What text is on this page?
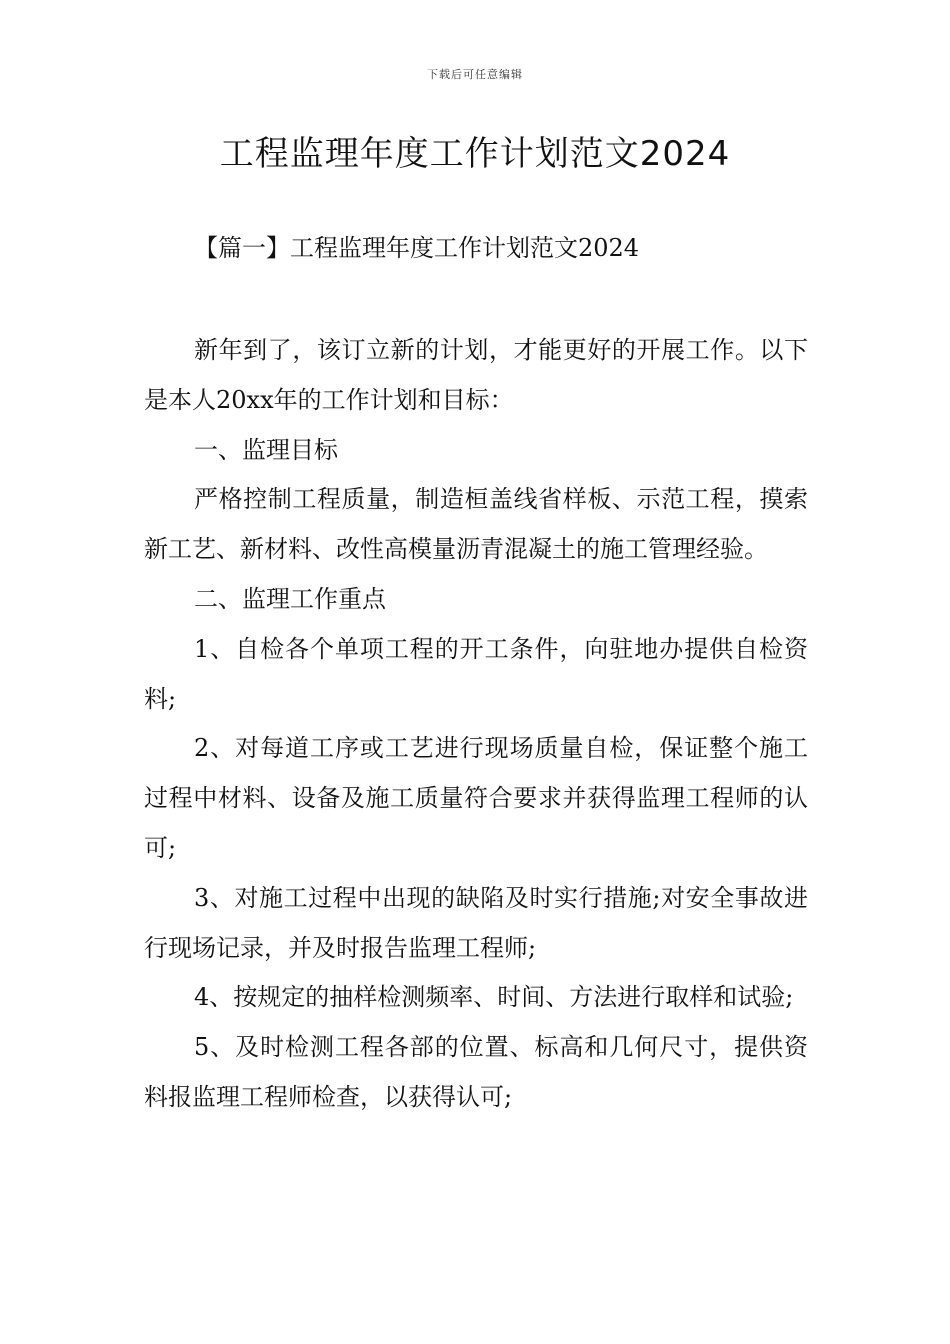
下载后可任意编辑
工程监理年度工作计划范文2024
【篇一】工程监理年度工作计划范文2024

新年到了，该订立新的计划，才能更好的开展工作。以下是本人20xx年的工作计划和目标：

一、监理目标

严格控制工程质量，制造桓盖线省样板、示范工程，摸索新工艺、新材料、改性高模量沥青混凝土的施工管理经验。

二、监理工作重点

1、自检各个单项工程的开工条件，向驻地办提供自检资料;

2、对每道工序或工艺进行现场质量自检，保证整个施工过程中材料、设备及施工质量符合要求并获得监理工程师的认可;

3、对施工过程中出现的缺陷及时实行措施;对安全事故进行现场记录，并及时报告监理工程师;

4、按规定的抽样检测频率、时间、方法进行取样和试验;

5、及时检测工程各部的位置、标高和几何尺寸，提供资料报监理工程师检查，以获得认可;
